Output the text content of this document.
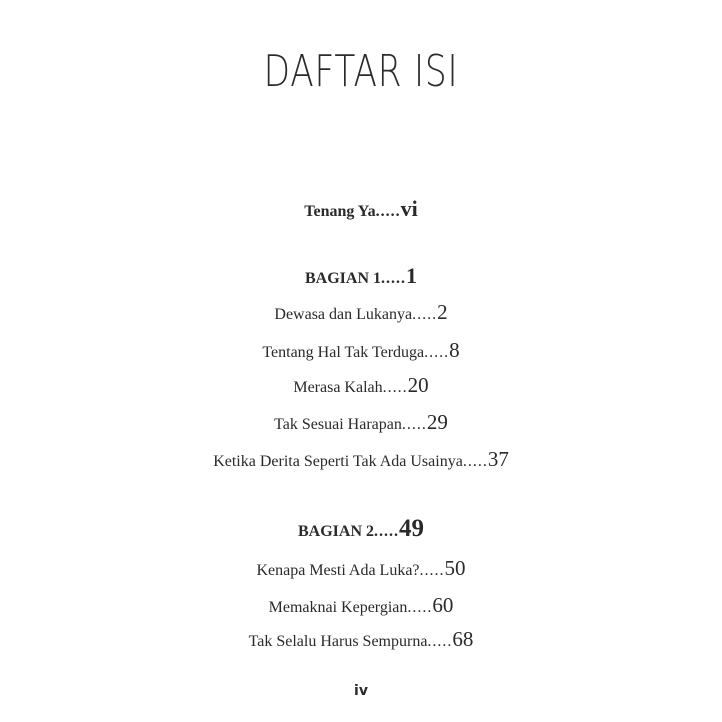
DAFTAR ISI
Tenang Ya.....vi
BAGIAN 1.....1
Dewasa dan Lukanya.....2
Tentang Hal Tak Terduga.....8
Merasa Kalah.....20
Tak Sesuai Harapan.....29
Ketika Derita Seperti Tak Ada Usainya.....37
BAGIAN 2.....49
Kenapa Mesti Ada Luka?.....50
Memaknai Kepergian.....60
Tak Selalu Harus Sempurna.....68
iv
